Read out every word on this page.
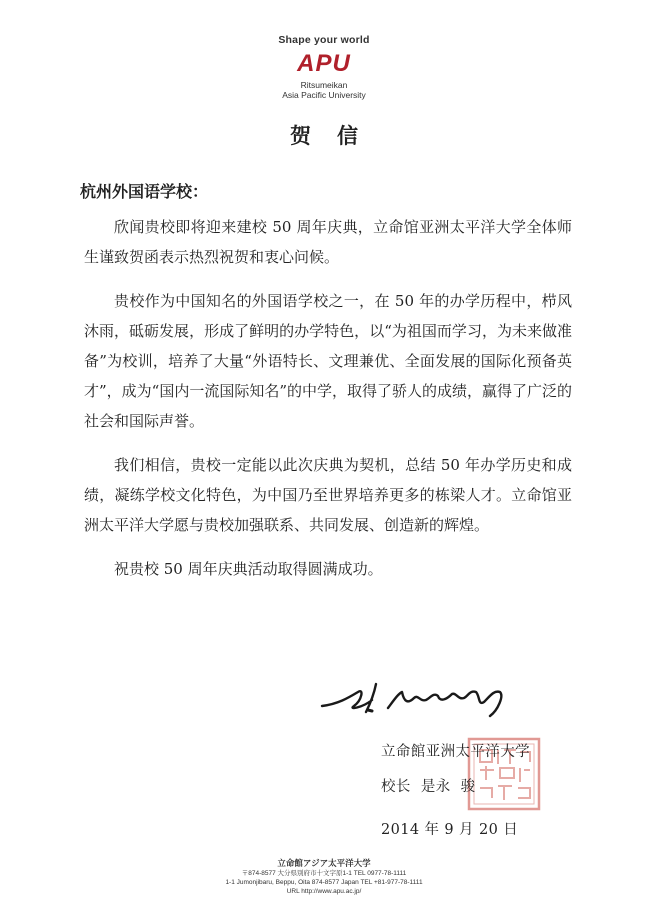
Shape your world
APU
Ritsumeikan
Asia Pacific University
贺信
杭州外国语学校：

欣闻贵校即将迎来建校 50 周年庆典，立命馆亚洲太平洋大学全体师生谨致贺函表示热烈祝贺和衷心问候。

贵校作为中国知名的外国语学校之一，在 50 年的办学历程中，栉风沐雨，砥砺发展，形成了鲜明的办学特色，以“为祖国而学习，为未来做准备”为校训，培养了大量“外语特长、文理兼优、全面发展的国际化预备英才”，成为“国内一流国际知名”的中学，取得了骄人的成绩，赢得了广泛的社会和国际声誉。

我们相信，贵校一定能以此次庆典为契机，总结 50 年办学历史和成绩，凝练学校文化特色，为中国乃至世界培养更多的栋梁人才。立命馆亚洲太平洋大学愿与贵校加强联系、共同发展、创造新的辉煌。

祝贵校 50 周年庆典活动取得圆满成功。

立命館亚洲太平洋大学
校长  是永  骏
2014 年 9 月 20 日
立命館アジア太平洋大学
〒874-8577 大分県別府市十文字原1-1 TEL 0977-78-1111
1-1 Jumonjibaru, Beppu, Oita 874-8577 Japan TEL +81-977-78-1111
URL http://www.apu.ac.jp/
